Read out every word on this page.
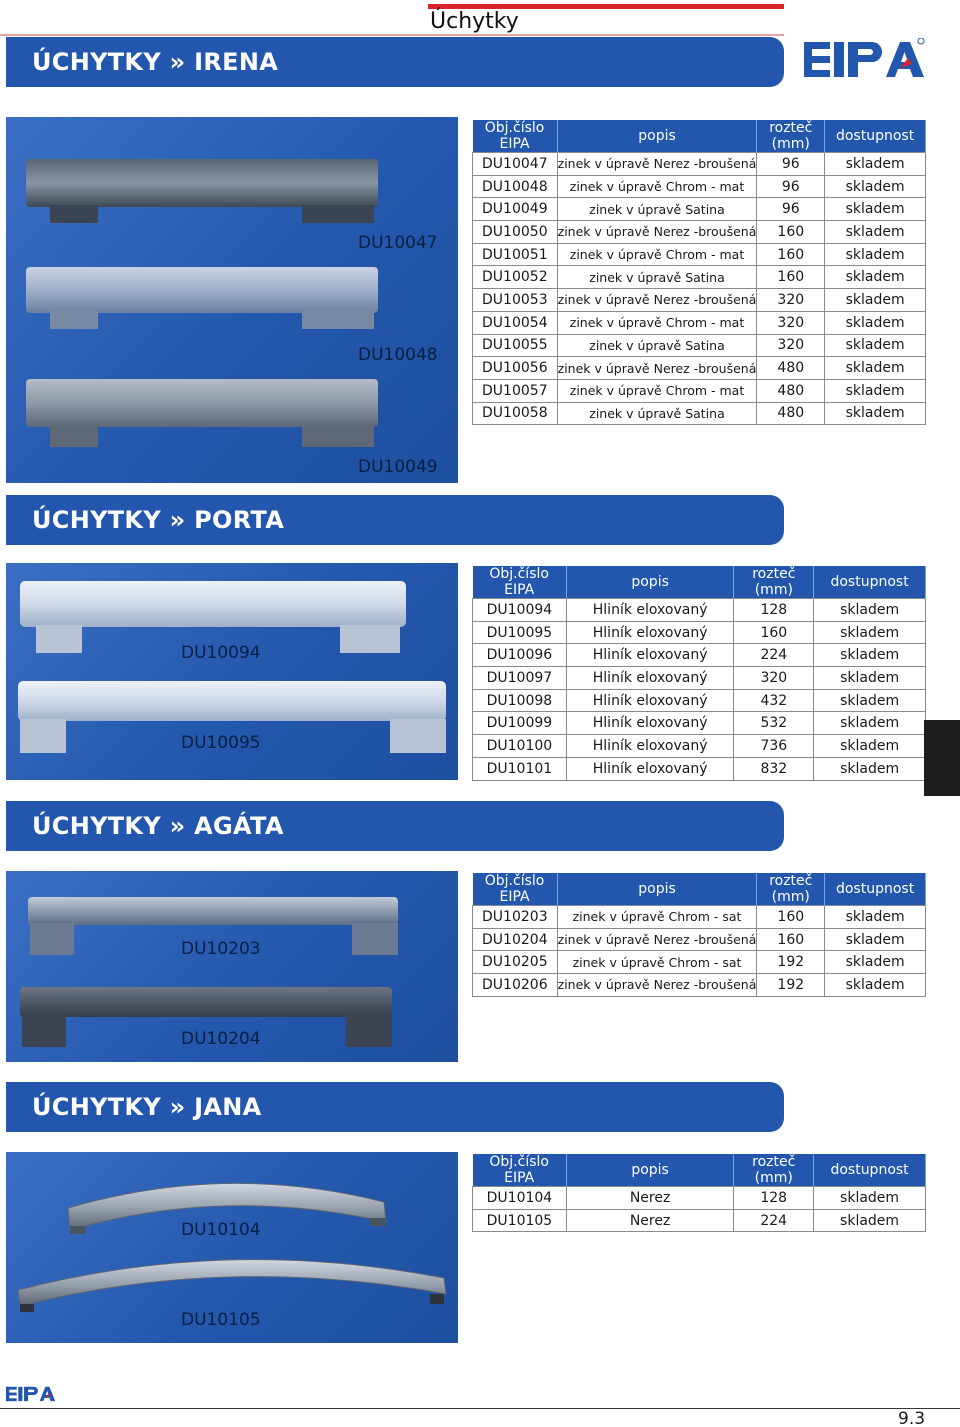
Úchytky
ÚCHYTKY » IRENA
DU10047
DU10048
DU10049
Obj.číslo EIPA	popis	rozteč (mm)	dostupnost
DU10047	zinek v úpravě Nerez -broušená	96	skladem
DU10048	zinek v úpravě Chrom - mat	96	skladem
DU10049	zinek v úpravě Satina	96	skladem
DU10050	zinek v úpravě Nerez -broušená	160	skladem
DU10051	zinek v úpravě Chrom - mat	160	skladem
DU10052	zinek v úpravě Satina	160	skladem
DU10053	zinek v úpravě Nerez -broušená	320	skladem
DU10054	zinek v úpravě Chrom - mat	320	skladem
DU10055	zinek v úpravě Satina	320	skladem
DU10056	zinek v úpravě Nerez -broušená	480	skladem
DU10057	zinek v úpravě Chrom - mat	480	skladem
DU10058	zinek v úpravě Satina	480	skladem
ÚCHYTKY » PORTA
DU10094
DU10095
Obj.číslo EIPA	popis	rozteč (mm)	dostupnost
DU10094	Hliník eloxovaný	128	skladem
DU10095	Hliník eloxovaný	160	skladem
DU10096	Hliník eloxovaný	224	skladem
DU10097	Hliník eloxovaný	320	skladem
DU10098	Hliník eloxovaný	432	skladem
DU10099	Hliník eloxovaný	532	skladem
DU10100	Hliník eloxovaný	736	skladem
DU10101	Hliník eloxovaný	832	skladem
ÚCHYTKY » AGÁTA
DU10203
DU10204
Obj.číslo EIPA	popis	rozteč (mm)	dostupnost
DU10203	zinek v úpravě Chrom - sat	160	skladem
DU10204	zinek v úpravě Nerez -broušená	160	skladem
DU10205	zinek v úpravě Chrom - sat	192	skladem
DU10206	zinek v úpravě Nerez -broušená	192	skladem
ÚCHYTKY » JANA
DU10104
DU10105
Obj.číslo EIPA	popis	rozteč (mm)	dostupnost
DU10104	Nerez	128	skladem
DU10105	Nerez	224	skladem
9.3
